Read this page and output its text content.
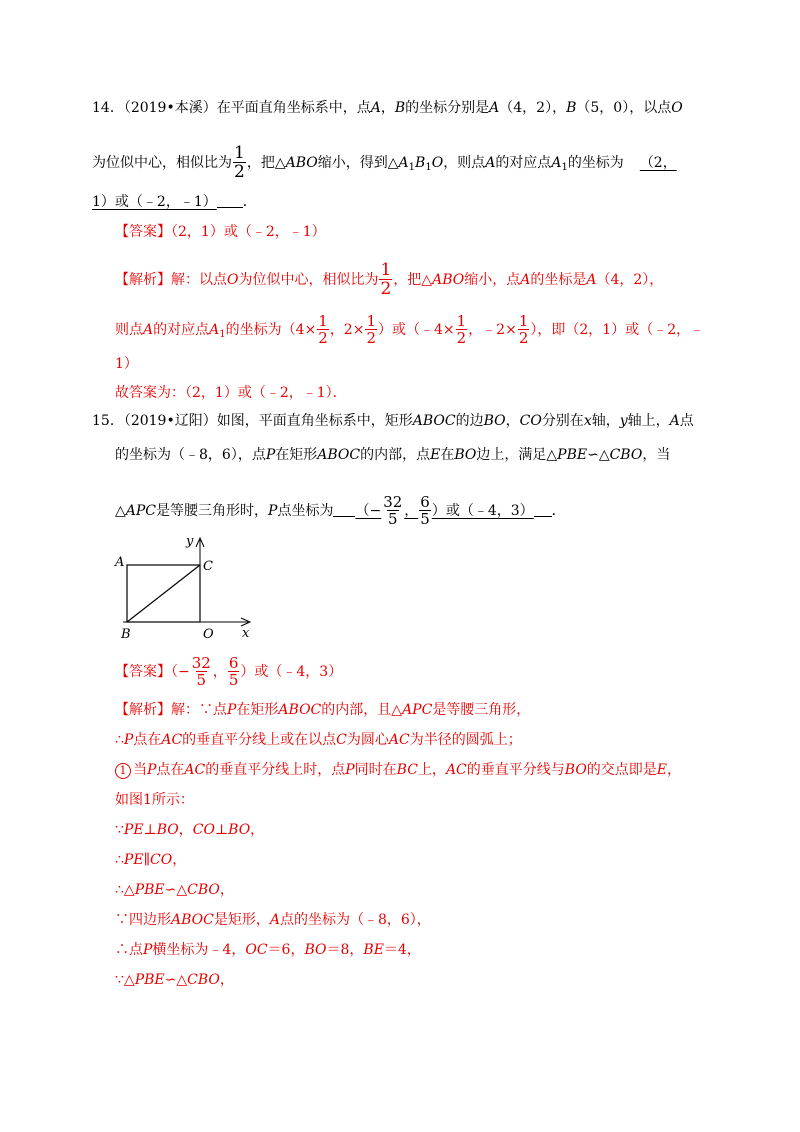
14．（2019•本溪）在平面直角坐标系中，点A，B的坐标分别是A（4，2），B（5，0），以点O
为位似中心，相似比为 $\frac{1}{2}$ ，把△ABO缩小，得到$\triangle A_1B_1O$，则点A的对应点$A_1$的坐标为 （2，
1）或（﹣2，﹣1） ．
【答案】（2，1）或（﹣2，﹣1）
【解析】解：以点O为位似中心，相似比为 $\frac{1}{2}$ ，把△ABO缩小，点A的坐标是A（4，2），
则点A的对应点$A_1$的坐标为（$4\times \frac{1}{2}$ ，$2\times \frac{1}{2}$ ）或（﹣4× $\frac{1}{2}$ ，﹣2× $\frac{1}{2}$ ），即（2，1）或（﹣2，﹣
1）
故答案为：（2，1）或（﹣2，﹣1）．
15．（2019•辽阳）如图，平面直角坐标系中，矩形ABOC的边BO，CO分别在x轴，y轴上，A点
的坐标为（﹣8，6），点P在矩形ABOC的内部，点E在BO边上，满足△PBE∽△CBO，当
△APC是等腰三角形时，P点坐标为 （− $\frac{32}{5}$ ， $\frac{6}{5}$ ）或（﹣4，3） ．
y
A	C
B	O x
【答案】（− $\frac{32}{5}$ ， $\frac{6}{5}$ ）或（﹣4，3）
【解析】解：∵点P在矩形ABOC的内部，且△APC是等腰三角形，
∴P点在AC的垂直平分线上或在以点C为圆心AC为半径的圆弧上；
1 当P点在AC的垂直平分线上时，点P同时在BC上，AC的垂直平分线与BO的交点即是E，
如图1所示：
∵PE⊥BO，CO⊥BO，
∴PE∥CO，
∴△PBE∽△CBO，
∵四边形ABOC是矩形，A点的坐标为（﹣8，6），
∴点P横坐标为﹣4，OC＝6，BO＝8，BE＝4，
∵△PBE∽△CBO，
